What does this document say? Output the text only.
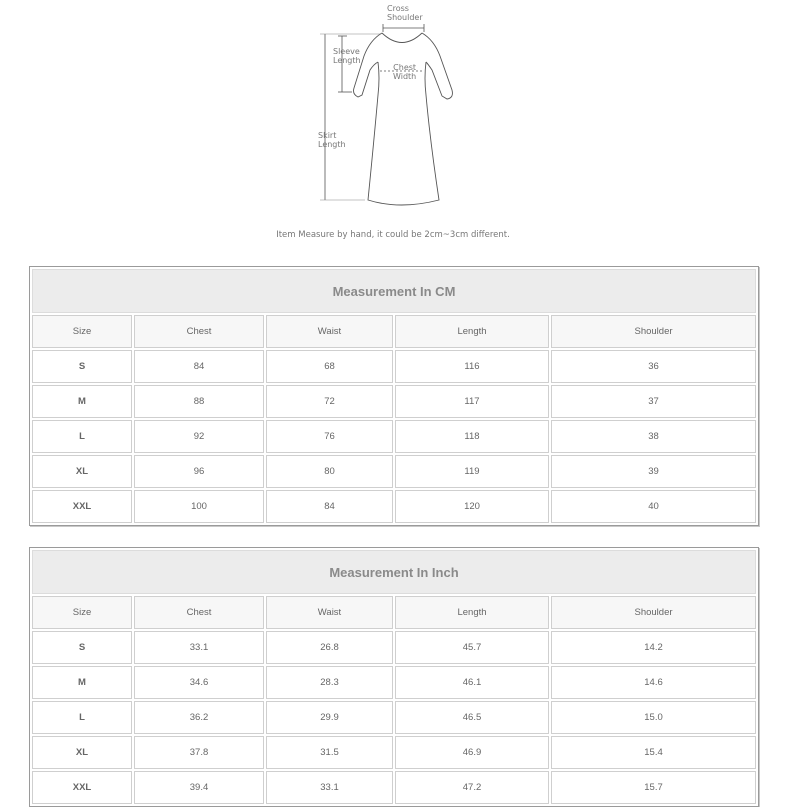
Cross
Shoulder
Sleeve
Length
Chest
Width
Skirt
Length
Item Measure by hand, it could be 2cm~3cm different.
Measurement In CM				
Size	Chest	Waist	Length	Shoulder
S	84	68	116	36
M	88	72	117	37
L	92	76	118	38
XL	96	80	119	39
XXL	100	84	120	40
Measurement In Inch				
Size	Chest	Waist	Length	Shoulder
S	33.1	26.8	45.7	14.2
M	34.6	28.3	46.1	14.6
L	36.2	29.9	46.5	15.0
XL	37.8	31.5	46.9	15.4
XXL	39.4	33.1	47.2	15.7
